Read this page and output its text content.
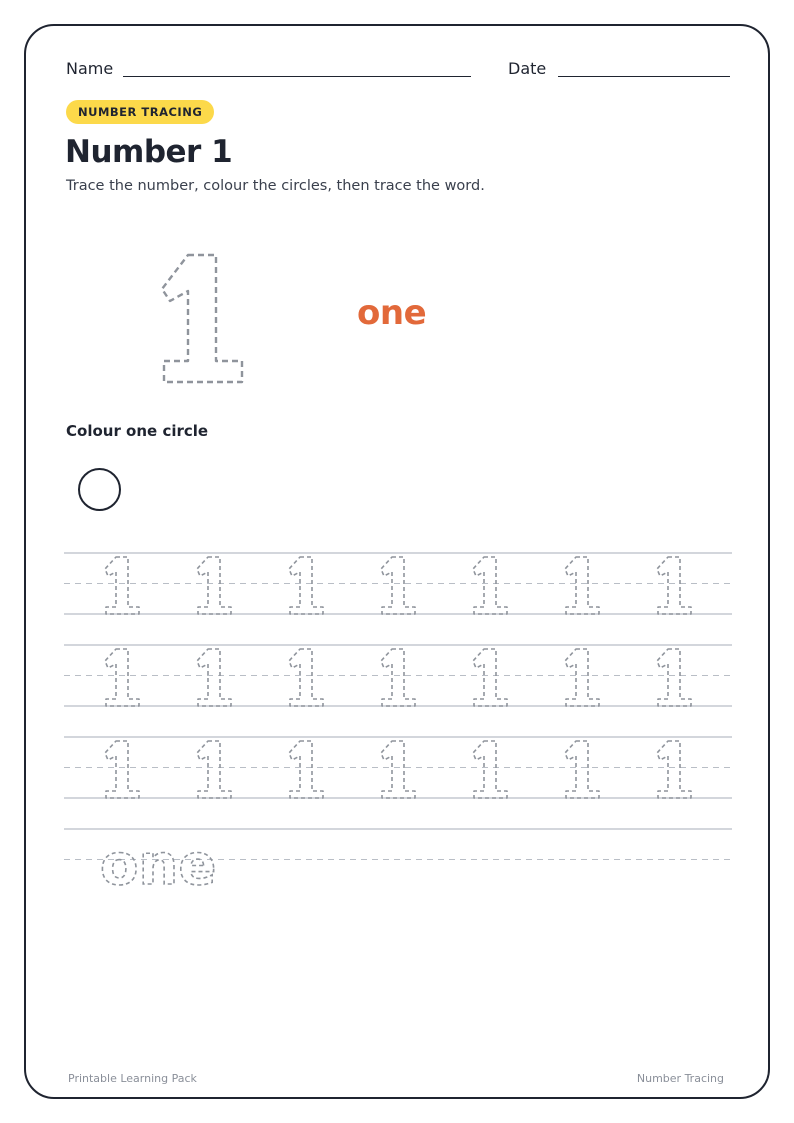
Name	Date
NUMBER TRACING
Number 1

Trace the number, colour the circles, then trace the word.

one
Colour one circle
one
Printable Learning Pack	Number Tracing
